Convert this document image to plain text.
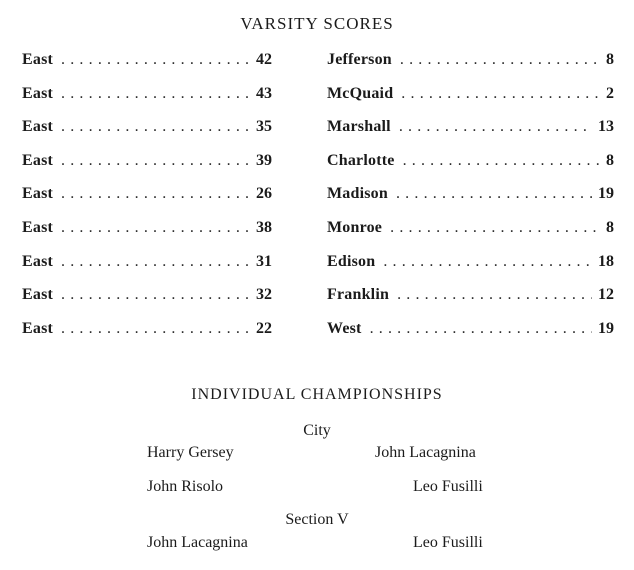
VARSITY SCORES
East . . .	42	Jefferson . . .	8
East . . .	43	McQuaid . . .	2
East . . .	35	Marshall . . .	13
East . . .	39	Charlotte . . .	8
East . . .	26	Madison . . .	19
East . . .	38	Monroe . . .	8
East . . .	31	Edison . . .	18
East . . .	32	Franklin . . .	12
East . . .	22	West . . .	19
INDIVIDUAL CHAMPIONSHIPS
City
Harry Gersey	John Lacagnina
John Risolo	Leo Fusilli
Section V
John Lacagnina	Leo Fusilli
